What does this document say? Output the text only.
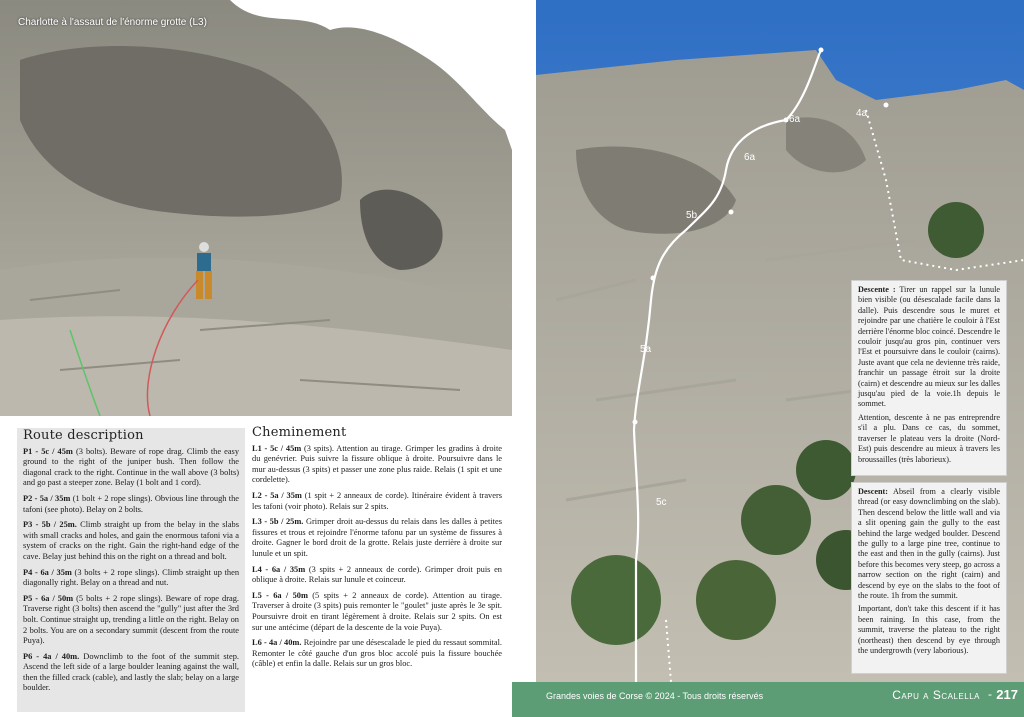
Charlotte à l'assaut de l'énorme grotte (L3)
Route description

P1 - 5c / 45m (3 bolts). Beware of rope drag. Climb the easy ground to the right of the juniper bush. Then follow the diagonal crack to the right. Continue in the wall above (3 bolts) and go past a steeper zone. Belay (1 bolt and 1 cord).

P2 - 5a / 35m (1 bolt + 2 rope slings). Obvious line through the tafoni (see photo). Belay on 2 bolts.

P3 - 5b / 25m. Climb straight up from the belay in the slabs with small cracks and holes, and gain the enormous tafoni via a system of cracks on the right. Gain the right-hand edge of the cave. Belay just behind this on the right on a thread and bolt.

P4 - 6a / 35m (3 bolts + 2 rope slings). Climb straight up then diagonally right. Belay on a thread and nut.

P5 - 6a / 50m (5 bolts + 2 rope slings). Beware of rope drag. Traverse right (3 bolts) then ascend the "gully" just after the 3rd bolt. Continue straight up, trending a little on the right. Belay on 2 bolts. You are on a secondary summit (descent from the route Puya).

P6 - 4a / 40m. Downclimb to the foot of the summit step. Ascend the left side of a large boulder leaning against the wall, then the filled crack (cable), and lastly the slab; belay on a large boulder.

Cheminement

L1 - 5c / 45m (3 spits). Attention au tirage. Grimper les gradins à droite du genévrier. Puis suivre la fissure oblique à droite. Poursuivre dans le mur au-dessus (3 spits) et passer une zone plus raide. Relais (1 spit et une cordelette).

L2 - 5a / 35m (1 spit + 2 anneaux de corde). Itinéraire évident à travers les tafoni (voir photo). Relais sur 2 spits.

L3 - 5b / 25m. Grimper droit au-dessus du relais dans les dalles à petites fissures et trous et rejoindre l'énorme tafonu par un système de fissures à droite. Gagner le bord droit de la grotte. Relais juste derrière à droite sur lunule et un spit.

L4 - 6a / 35m (3 spits + 2 anneaux de corde). Grimper droit puis en oblique à droite. Relais sur lunule et coinceur.

L5 - 6a / 50m (5 spits + 2 anneaux de corde). Attention au tirage. Traverser à droite (3 spits) puis remonter le "goulet" juste après le 3e spit. Poursuivre droit en tirant légèrement à droite. Relais sur 2 spits. On est sur une antécime (départ de la descente de la voie Puya).

L6 - 4a / 40m. Rejoindre par une désescalade le pied du ressaut sommital. Remonter le côté gauche d'un gros bloc accolé puis la fissure bouchée (câble) et enfin la dalle. Relais sur un gros bloc.

6a
4a
6a
5b
5a
5c

Descente : Tirer un rappel sur la lunule bien visible (ou désescalade facile dans la dalle). Puis descendre sous le muret et rejoindre par une chatière le couloir à l'Est derrière l'énorme bloc coincé. Descendre le couloir jusqu'au gros pin, continuer vers l'Est et poursuivre dans le couloir (cairns). Juste avant que cela ne devienne très raide, franchir un passage étroit sur la droite (cairn) et descendre au mieux sur les dalles jusqu'au pied de la voie.1h depuis le sommet.

Attention, descente à ne pas entreprendre s'il a plu. Dans ce cas, du sommet, traverser le plateau vers la droite (Nord-Est) puis descendre au mieux à travers les broussailles (très laborieux).

Descent: Abseil from a clearly visible thread (or easy downclimbing on the slab). Then descend below the little wall and via a slit opening gain the gully to the east behind the large wedged boulder. Descend the gully to a large pine tree, continue to the east and then in the gully (cairns). Just before this becomes very steep, go across a narrow section on the right (cairn) and descend by eye on the slabs to the foot of the route. 1h from the summit.

Important, don't take this descent if it has been raining. In this case, from the summit, traverse the plateau to the right (northeast) then descend by eye through the undergrowth (very laborious).

Grandes voies de Corse © 2024 - Tous droits réservés	Capu a Scalella - 217
